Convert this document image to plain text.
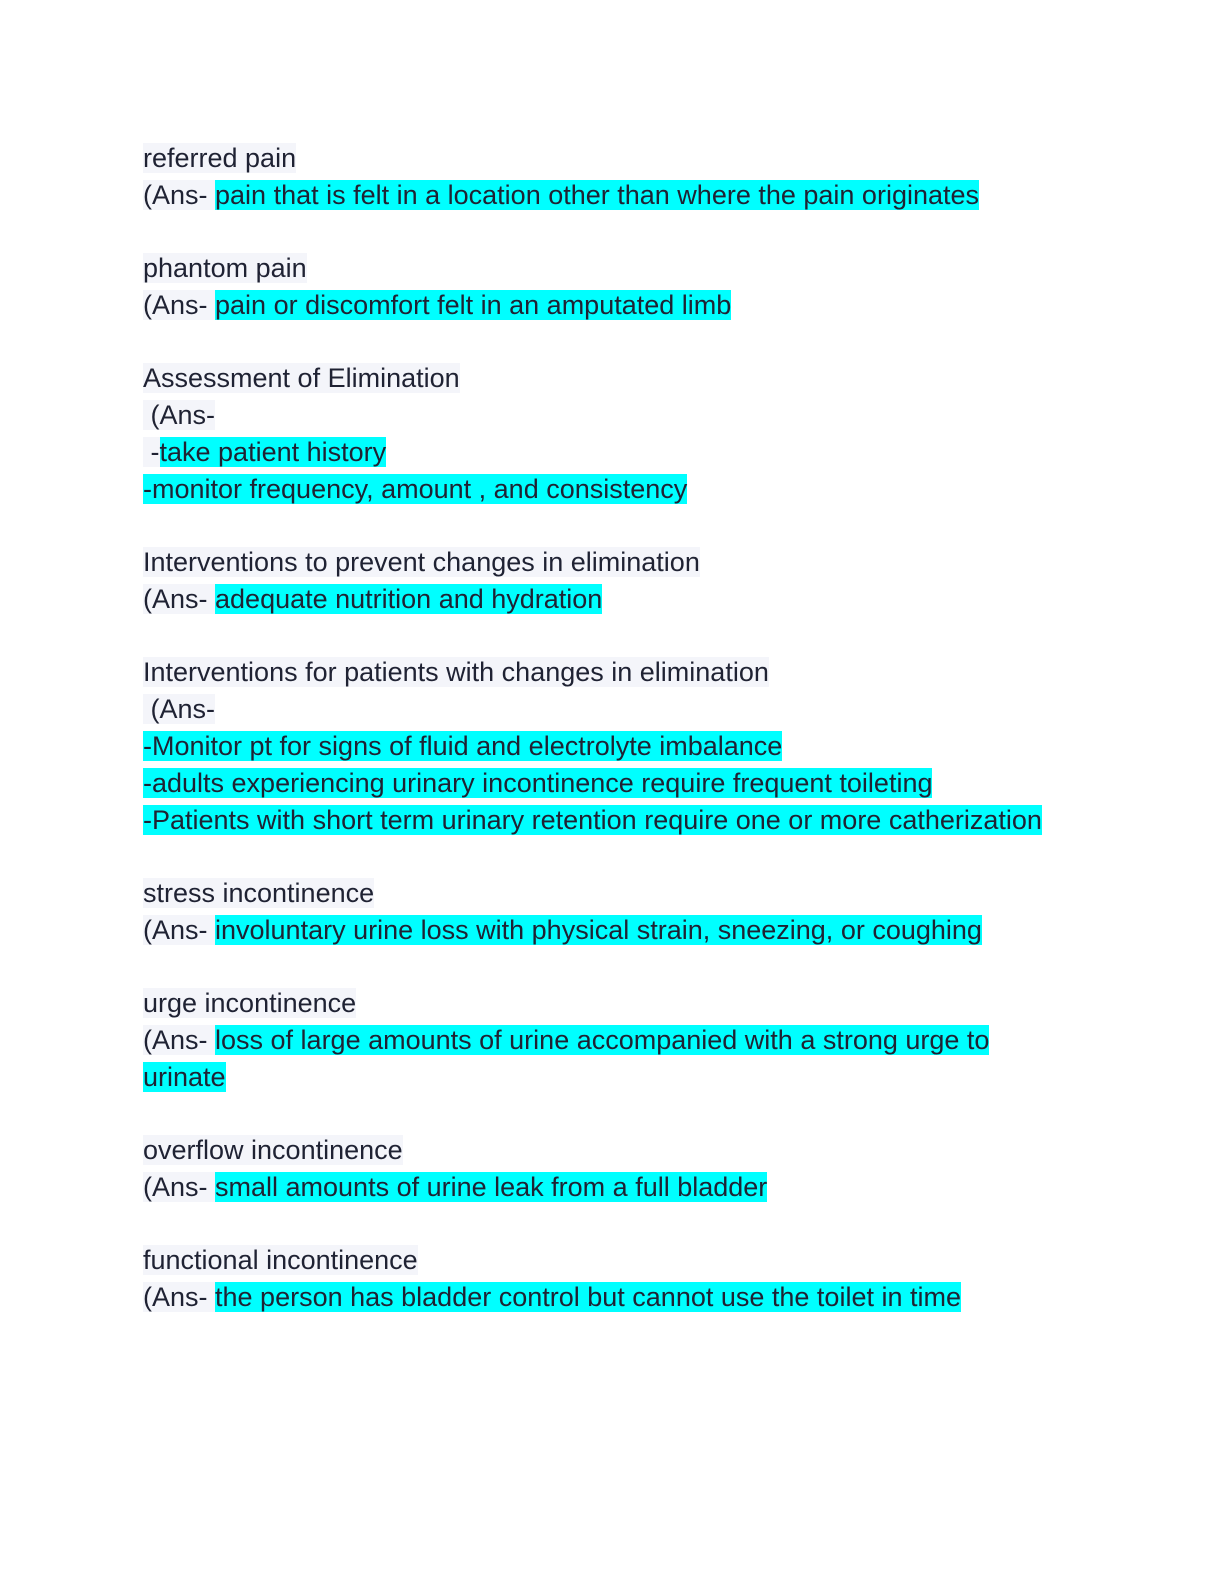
referred pain
(Ans- pain that is felt in a location other than where the pain originates
phantom pain
(Ans- pain or discomfort felt in an amputated limb
Assessment of Elimination
(Ans-
-take patient history
-monitor frequency, amount , and consistency
Interventions to prevent changes in elimination
(Ans- adequate nutrition and hydration
Interventions for patients with changes in elimination
(Ans-
-Monitor pt for signs of fluid and electrolyte imbalance
-adults experiencing urinary incontinence require frequent toileting
-Patients with short term urinary retention require one or more catherization
stress incontinence
(Ans- involuntary urine loss with physical strain, sneezing, or coughing
urge incontinence
(Ans- loss of large amounts of urine accompanied with a strong urge to
urinate
overflow incontinence
(Ans- small amounts of urine leak from a full bladder
functional incontinence
(Ans- the person has bladder control but cannot use the toilet in time
